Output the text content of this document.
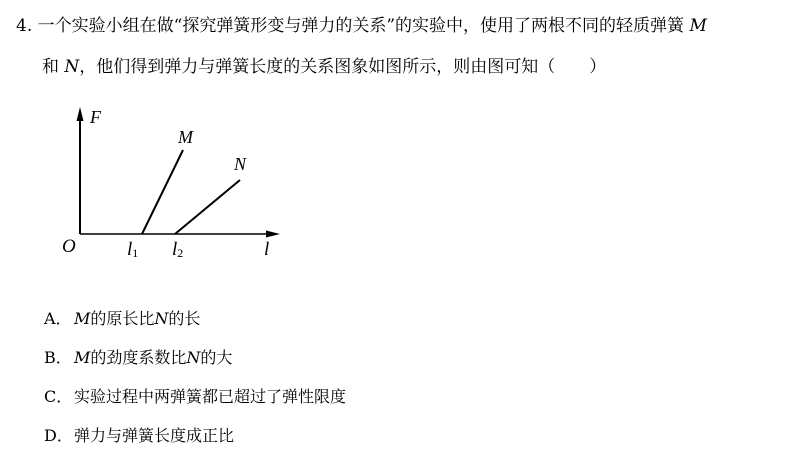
4. 一个实验小组在做“探究弹簧形变与弹力的关系”的实验中，使用了两根不同的轻质弹簧 M
和 N，他们得到弹力与弹簧长度的关系图象如图所示，则由图可知（　　）
F
M
N
O	l1 l2	l
A． M的原长比N的长
B． M的劲度系数比N的大
C． 实验过程中两弹簧都已超过了弹性限度
D．弹力与弹簧长度成正比
